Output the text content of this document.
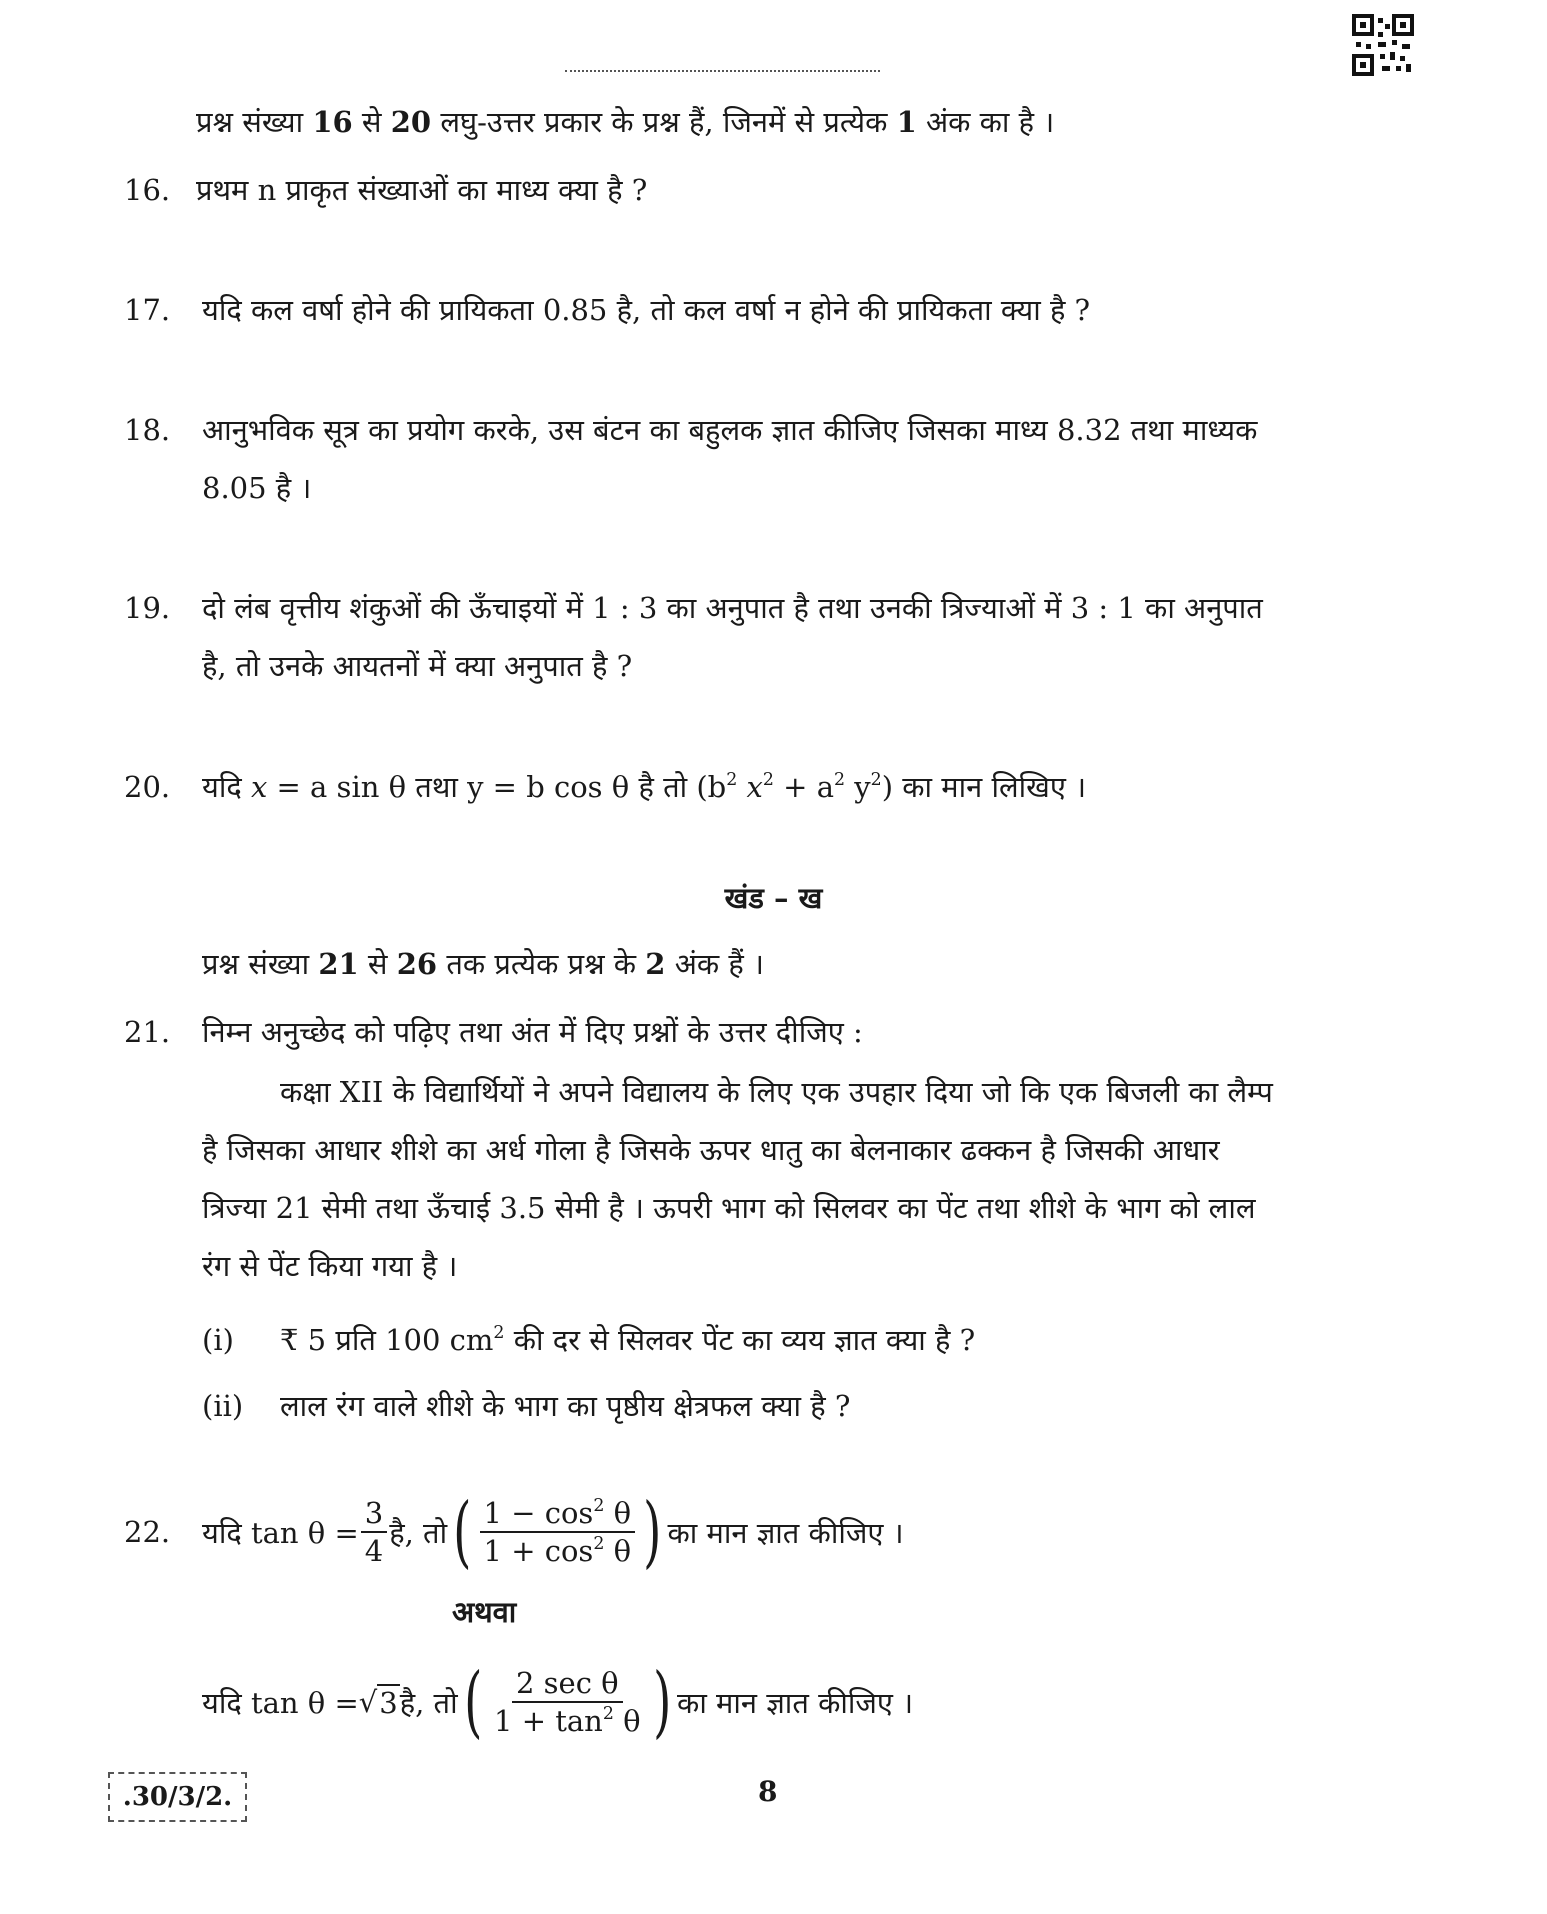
प्रश्न संख्या 16 से 20 लघु-उत्तर प्रकार के प्रश्न हैं, जिनमें से प्रत्येक 1 अंक का है ।
16. प्रथम n प्राकृत संख्याओं का माध्य क्या है ?
17. यदि कल वर्षा होने की प्रायिकता 0.85 है, तो कल वर्षा न होने की प्रायिकता क्या है ?
18. आनुभविक सूत्र का प्रयोग करके, उस बंटन का बहुलक ज्ञात कीजिए जिसका माध्य 8.32 तथा माध्यक
8.05 है ।
19. दो लंब वृत्तीय शंकुओं की ऊँचाइयों में 1 : 3 का अनुपात है तथा उनकी त्रिज्याओं में 3 : 1 का अनुपात
है, तो उनके आयतनों में क्या अनुपात है ?
20. यदि x = a sin θ तथा y = b cos θ है तो ($b^2$ $x^2 + a^2$ $y^2$) का मान लिखिए ।
खंड – ख
प्रश्न संख्या 21 से 26 तक प्रत्येक प्रश्न के 2 अंक हैं ।
21. निम्न अनुच्छेद को पढ़िए तथा अंत में दिए प्रश्नों के उत्तर दीजिए :
कक्षा XII के विद्यार्थियों ने अपने विद्यालय के लिए एक उपहार दिया जो कि एक बिजली का लैम्प
है जिसका आधार शीशे का अर्ध गोला है जिसके ऊपर धातु का बेलनाकार ढक्कन है जिसकी आधार
त्रिज्या 21 सेमी तथा ऊँचाई 3.5 सेमी है । ऊपरी भाग को सिलवर का पेंट तथा शीशे के भाग को लाल
रंग से पेंट किया गया है ।
(i) ₹ 5 प्रति 100 $cm^2$ की दर से सिलवर पेंट का व्यय ज्ञात क्या है ?
(ii) लाल रंग वाले शीशे के भाग का पृष्ठीय क्षेत्रफल क्या है ?
22. यदि $\tan \theta = \frac{3}{4}$ है, तो ( $\frac{1 - \cos^2 \theta}{1 + \cos^2 \theta}$ ) का मान ज्ञात कीजिए ।
अथवा
यदि tan θ = √ 3 है, तो ( $\frac{\text{2 sec θ}}{1 + \tan^2 \theta}$ ) का मान ज्ञात कीजिए ।
.30/3/2.	8
